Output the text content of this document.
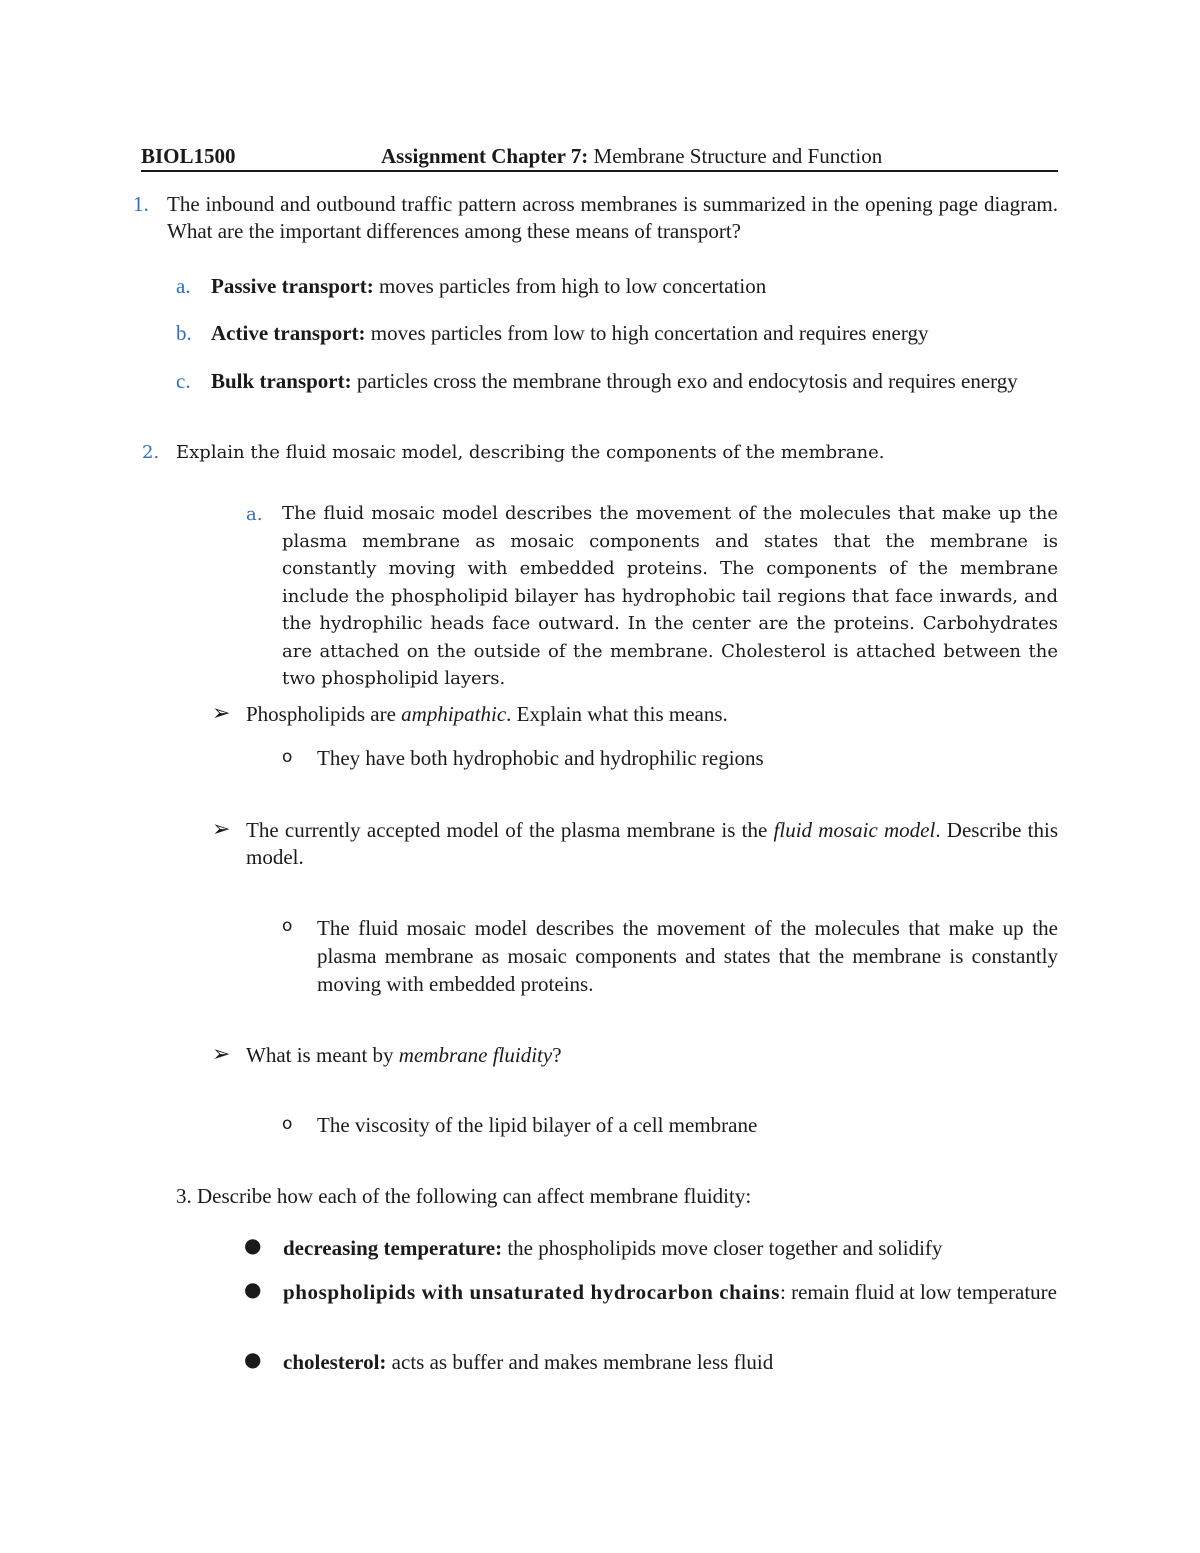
BIOL1500	Assignment Chapter 7: Membrane Structure and Function
1. The inbound and outbound traffic pattern across membranes is summarized in the opening page diagram. What are the important differences among these means of transport?
a. Passive transport: moves particles from high to low concertation
b. Active transport: moves particles from low to high concertation and requires energy
c. Bulk transport: particles cross the membrane through exo and endocytosis and requires energy
2. Explain the fluid mosaic model, describing the components of the membrane.
a. The fluid mosaic model describes the movement of the molecules that make up the plasma membrane as mosaic components and states that the membrane is constantly moving with embedded proteins. The components of the membrane include the phospholipid bilayer has hydrophobic tail regions that face inwards, and the hydrophilic heads face outward. In the center are the proteins. Carbohydrates are attached on the outside of the membrane. Cholesterol is attached between the two phospholipid layers.
➢ Phospholipids are amphipathic. Explain what this means.
o They have both hydrophobic and hydrophilic regions
➢ The currently accepted model of the plasma membrane is the fluid mosaic model. Describe this model.
o The fluid mosaic model describes the movement of the molecules that make up the plasma membrane as mosaic components and states that the membrane is constantly moving with embedded proteins.
➢ What is meant by membrane fluidity?
o The viscosity of the lipid bilayer of a cell membrane
3. Describe how each of the following can affect membrane fluidity:
● decreasing temperature: the phospholipids move closer together and solidify
● phospholipids with unsaturated hydrocarbon chains: remain fluid at low temperature
● cholesterol: acts as buffer and makes membrane less fluid
